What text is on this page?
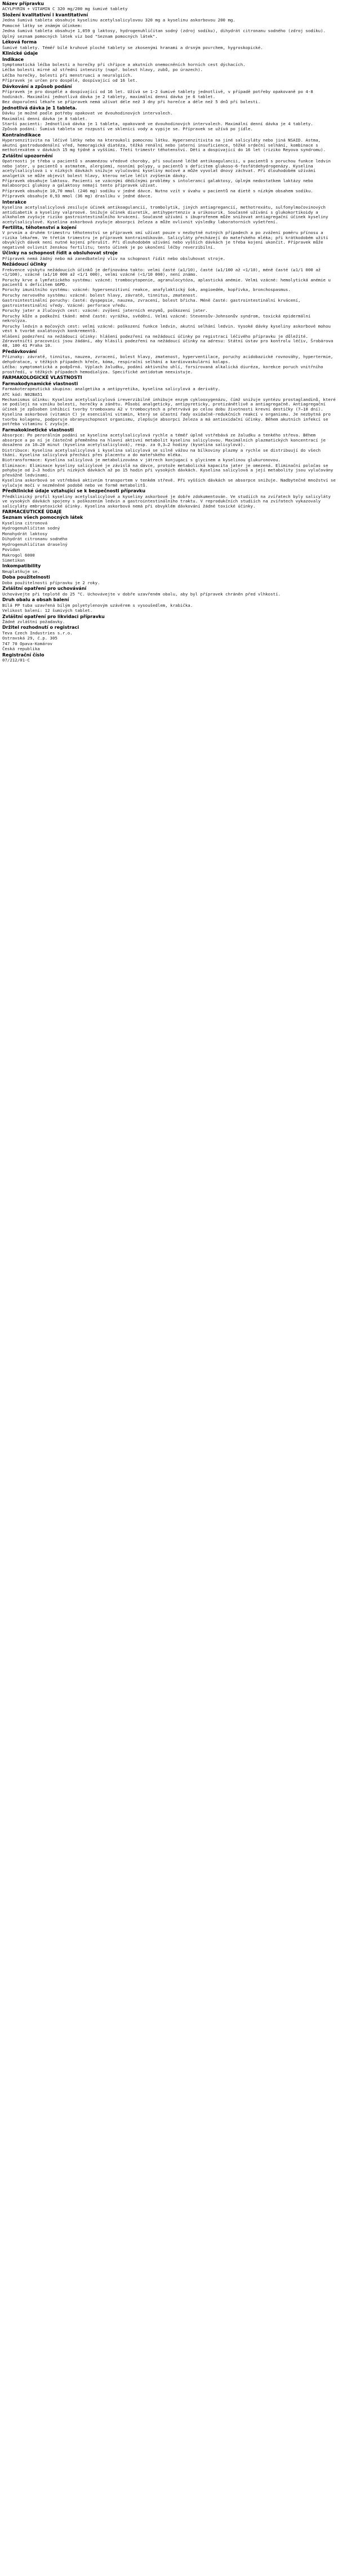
Název přípravku
ACYLPYRIN + VITAMIN C 320 mg/200 mg šumivé tablety
Složení kvalitativní i kvantitativní
Jedna šumivá tableta obsahuje kyselinu acetylsalicylovou 320 mg a kyselinu askorbovou 200 mg.
Pomocné látky se známým účinkem:
Jedna šumivá tableta obsahuje 1,059 g laktosy, hydrogenuhličitan sodný (zdroj sodíku), dihydrát citronanu sodného (zdroj sodíku).
Úplný seznam pomocných látek viz bod "Seznam pomocných látek".
Léková forma
Šumivé tablety. Téměř bílé kruhové ploché tablety se zkosenými hranami a drsným povrchem, hygroskopické.
Klinické údaje
Indikace
Symptomatická léčba bolesti a horečky při chřipce a akutních onemocněních horních cest dýchacích.
Léčba bolesti mírné až střední intenzity (např. bolest hlavy, zubů, po úrazech).
Léčba horečky, bolesti při menstruaci a neuralgiích.
Přípravek je určen pro dospělé, dospívající od 16 let.
Dávkování a způsob podání
Přípravek je pro dospělé a dospívající od 16 let. Užívá se 1-2 šumivé tablety jednotlivě, v případě potřeby opakovaně po 4-8 hodinách. Maximální jednotlivá dávka je 2 tablety, maximální denní dávka je 6 tablet.
Bez doporučení lékaře se přípravek nemá užívat déle než 3 dny při horečce a déle než 5 dnů při bolesti.
Jednotlivá dávka je 1 tableta.
Dávku je možné podle potřeby opakovat ve dvouhodinových intervalech.
Maximální denní dávka je 8 tablet.
Starší pacienti: Jednotlivá dávka je 1 tableta, opakovaně ve dvouhodinových intervalech. Maximální denní dávka je 4 tablety.
Způsob podání: Šumivá tableta se rozpustí ve sklenici vody a vypije se. Přípravek se užívá po jídle.
Kontraindikace
Hypersenzitivita na léčivé látky nebo na kteroukoli pomocnou látku. Hypersenzitivita na jiné salicyláty nebo jiná NSAID. Astma, akutní gastroduodenální vřed, hemoragická diatéza, těžká renální nebo jaterní insuficience, těžké srdeční selhání, kombinace s methotrexátem v dávkách 15 mg týdně a vyššími. Třetí trimestr těhotenství. Děti a dospívající do 16 let (riziko Reyova syndromu).
Zvláštní upozornění
Opatrnosti je třeba u pacientů s anamnézou vředové choroby, při současné léčbě antikoagulancii, u pacientů s poruchou funkce ledvin nebo jater, u pacientů s astmatem, alergiemi, nosními polypy, u pacientů s deficitem glukoso-6-fosfátdehydrogenázy. Kyselina acetylsalicylová i v nízkých dávkách snižuje vylučování kyseliny močové a může vyvolat dnový záchvat. Při dlouhodobém užívání analgetik se může objevit bolest hlavy, kterou nelze léčit zvýšením dávky.
Přípravek obsahuje laktosu. Pacienti se vzácnými dědičnými problémy s intolerancí galaktosy, úplným nedostatkem laktázy nebo malabsorpcí glukosy a galaktosy nemají tento přípravek užívat.
Přípravek obsahuje 10,70 mmol (246 mg) sodíku v jedné dávce. Nutno vzít v úvahu u pacientů na dietě s nízkým obsahem sodíku.
Přípravek obsahuje 0,93 mmol (36 mg) draslíku v jedné dávce.
Interakce
Kyselina acetylsalicylová zesiluje účinek antikoagulancií, trombolytik, jiných antiagregancií, methotrexátu, sulfonylmočovinových antidiabetik a kyseliny valproové. Snižuje účinek diuretik, antihypertenziv a urikosurik. Současné užívání s glukokortikoidy a alkoholem zvyšuje riziko gastrointestinálního krvácení. Současné užívání s ibuprofenem může snižovat antiagregační účinek kyseliny acetylsalicylové. Kyselina askorbová zvyšuje absorpci železa a může ovlivnit výsledky laboratorních vyšetření.
Fertilita, těhotenství a kojení
V prvním a druhém trimestru těhotenství se přípravek smí užívat pouze v nezbytně nutných případech a po zvážení poměru přínosu a rizika lékařem. Ve třetím trimestru je přípravek kontraindikován. Salicyláty přecházejí do mateřského mléka; při krátkodobém užití obvyklých dávek není nutné kojení přerušit. Při dlouhodobém užívání nebo vyšších dávkách je třeba kojení ukončit. Přípravek může negativně ovlivnit ženskou fertilitu; tento účinek je po ukončení léčby reverzibilní.
Účinky na schopnost řídit a obsluhovat stroje
Přípravek nemá žádný nebo má zanedbatelný vliv na schopnost řídit nebo obsluhovat stroje.
Nežádoucí účinky
Frekvence výskytu nežádoucích účinků je definována takto: velmi časté (≥1/10), časté (≥1/100 až <1/10), méně časté (≥1/1 000 až <1/100), vzácné (≥1/10 000 až <1/1 000), velmi vzácné (<1/10 000), není známo.
Poruchy krve a lymfatického systému: vzácné: trombocytopenie, agranulocytóza, aplastická anémie. Velmi vzácné: hemolytická anémie u pacientů s deficitem G6PD.
Poruchy imunitního systému: vzácné: hypersenzitivní reakce, anafylaktický šok, angioedém, kopřivka, bronchospasmus.
Poruchy nervového systému: vzácné: bolest hlavy, závratě, tinnitus, zmatenost.
Gastrointestinální poruchy: časté: dyspepsie, nauzea, zvracení, bolest břicha. Méně časté: gastrointestinální krvácení, gastrointestinální vředy. Vzácné: perforace vředu.
Poruchy jater a žlučových cest: vzácné: zvýšení jaterních enzymů, poškození jater.
Poruchy kůže a podkožní tkáně: méně časté: vyrážka, svědění. Velmi vzácné: Stevensův-Johnsonův syndrom, toxická epidermální nekrolýza.
Poruchy ledvin a močových cest: velmi vzácné: poškození funkce ledvin, akutní selhání ledvin. Vysoké dávky kyseliny askorbové mohou vést k tvorbě oxalátových konkrementů.
Hlášení podezření na nežádoucí účinky: hlášení podezření na nežádoucí účinky po registraci léčivého přípravku je důležité. Zdravotničtí pracovníci jsou žádáni, aby hlásili podezření na nežádoucí účinky na adresu: Státní ústav pro kontrolu léčiv, Šrobárova 48, 100 41 Praha 10.
Předávkování
Příznaky: závratě, tinnitus, nauzea, zvracení, bolest hlavy, zmatenost, hyperventilace, poruchy acidobazické rovnováhy, hypertermie, dehydratace, v těžkých případech křeče, kóma, respirační selhání a kardiovaskulární kolaps.
Léčba: symptomatická a podpůrná. Výplach žaludku, podání aktivního uhlí, forsírovaná alkalická diuréza, korekce poruch vnitřního prostředí, v těžkých případech hemodialýza. Specifické antidotum neexistuje.
FARMAKOLOGICKÉ VLASTNOSTI
Farmakodynamické vlastnosti
Farmakoterapeutická skupina: analgetika a antipyretika, kyselina salicylová a deriváty.
ATC kód: N02BA51
Mechanismus účinku: Kyselina acetylsalicylová ireverzibilně inhibuje enzym cyklooxygenázu, čímž snižuje syntézu prostaglandinů, které se podílejí na vzniku bolesti, horečky a zánětu. Působí analgeticky, antipyreticky, protizánětlivě a antiagregačně. Antiagregační účinek je způsoben inhibicí tvorby tromboxanu A2 v trombocytech a přetrvává po celou dobu životnosti krevní destičky (7–10 dní).
Kyselina askorbová (vitamin C) je esenciální vitamin, který se účastní řady oxidačně-redukčních reakcí v organismu. Je nezbytná pro tvorbu kolagenu, podporuje obranyschopnost organismu, zlepšuje absorpci železa a má antioxidační účinky. Během akutních infekcí se potřeba vitaminu C zvyšuje.
Farmakokinetické vlastnosti
Absorpce: Po perorálním podání se kyselina acetylsalicylová rychle a téměř úplně vstřebává ze žaludku a tenkého střeva. Během absorpce a po ní je částečně přeměněna na hlavní aktivní metabolit kyselinu salicylovou. Maximálních plazmatických koncentrací je dosaženo za 10–20 minut (kyselina acetylsalicylová), resp. za 0,3–2 hodiny (kyselina salicylová).
Distribuce: Kyselina acetylsalicylová i kyselina salicylová se silně vážou na bílkoviny plazmy a rychle se distribuují do všech tkání. Kyselina salicylová přechází přes placentu a do mateřského mléka.
Biotransformace: Kyselina salicylová je metabolizována v játrech konjugací s glycinem a kyselinou glukuronovou.
Eliminace: Eliminace kyseliny salicylové je závislá na dávce, protože metabolická kapacita jater je omezená. Eliminační poločas se pohybuje od 2–3 hodin při nízkých dávkách až po 15 hodin při vysokých dávkách. Kyselina salicylová a její metabolity jsou vylučovány převážně ledvinami.
Kyselina askorbová se vstřebává aktivním transportem v tenkém střevě. Při vyšších dávkách se absorpce snižuje. Nadbytečné množství se vylučuje močí v nezměněné podobě nebo ve formě metabolitů.
Předklinické údaje vztahující se k bezpečnosti přípravku
Předklinický profil kyseliny acetylsalicylové a kyseliny askorbové je dobře zdokumentován. Ve studiích na zvířatech byly salicyláty ve vysokých dávkách spojeny s poškozením ledvin a gastrointestinálního traktu. V reprodukčních studiích na zvířatech vykazovaly salicyláty embryotoxické účinky. Kyselina askorbová nemá při obvyklém dávkování žádné toxické účinky.
FARMACEUTICKÉ ÚDAJE
Seznam všech pomocných látek
Kyselina citronová
Hydrogenuhličitan sodný
Monohydrát laktosy
Dihydrát citronanu sodného
Hydrogenuhličitan draselný
Povidon
Makrogol 6000
Simetikon
Inkompatibility
Neuplatňuje se.
Doba použitelnosti
Doba použitelnosti přípravku je 2 roky.
Zvláštní opatření pro uchovávání
Uchovávejte při teplotě do 25 °C. Uchovávejte v dobře uzavřeném obalu, aby byl přípravek chráněn před vlhkostí.
Druh obalu a obsah balení
Bílá PP tuba uzavřená bílým polyetylenovým uzávěrem s vysoušedlem, krabička.
Velikost balení: 12 šumivých tablet.
Zvláštní opatření pro likvidaci přípravku
Žádné zvláštní požadavky.
Držitel rozhodnutí o registraci
Teva Czech Industries s.r.o.
Ostravská 29, č.p. 305
747 70 Opava-Komárov
Česká republika
Registrační číslo
07/212/01-C
